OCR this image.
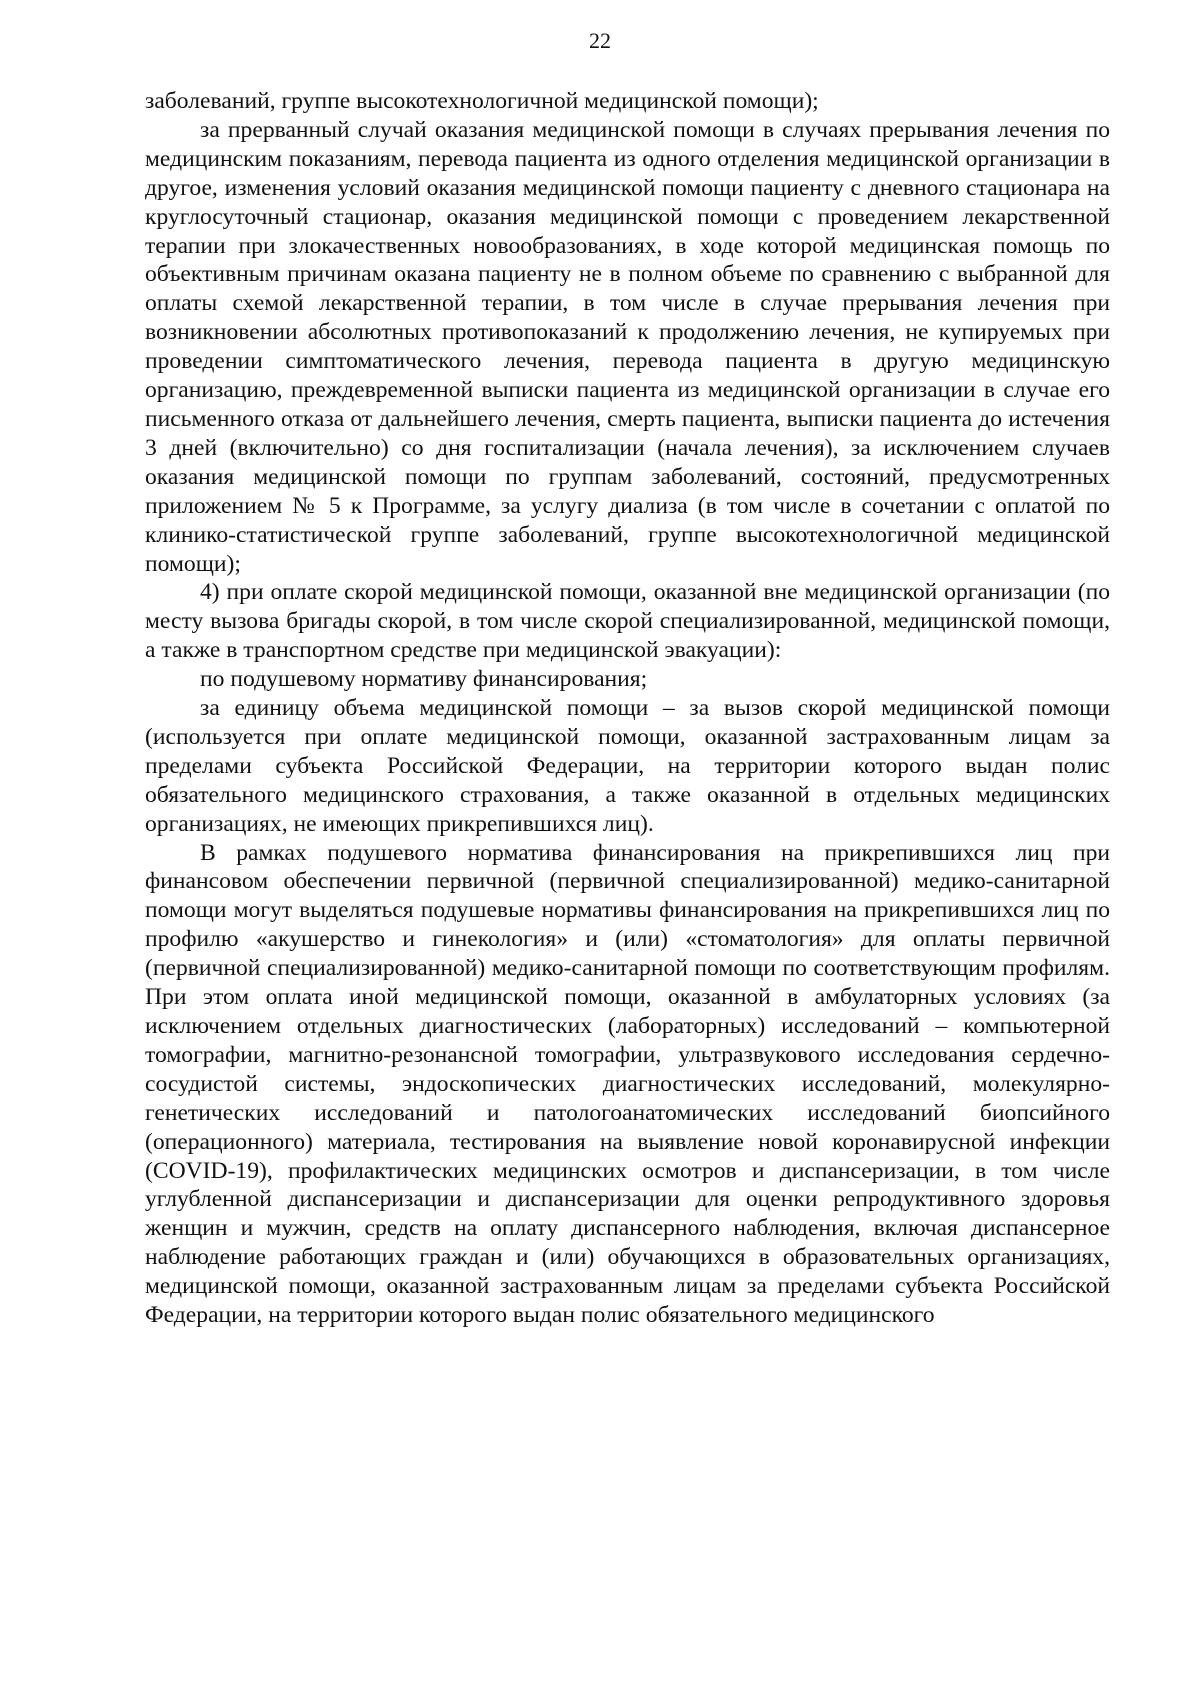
22

заболеваний, группе высокотехнологичной медицинской помощи);

за прерванный случай оказания медицинской помощи в случаях прерывания лечения по медицинским показаниям, перевода пациента из одного отделения медицинской организации в другое, изменения условий оказания медицинской помощи пациенту с дневного стационара на круглосуточный стационар, оказания медицинской помощи с проведением лекарственной терапии при злокачественных новообразованиях, в ходе которой медицинская помощь по объективным причинам оказана пациенту не в полном объеме по сравнению с выбранной для оплаты схемой лекарственной терапии, в том числе в случае прерывания лечения при возникновении абсолютных противопоказаний к продолжению лечения, не купируемых при проведении симптоматического лечения, перевода пациента в другую медицинскую организацию, преждевременной выписки пациента из медицинской организации в случае его письменного отказа от дальнейшего лечения, смерть пациента, выписки пациента до истечения 3 дней (включительно) со дня госпитализации (начала лечения), за исключением случаев оказания медицинской помощи по группам заболеваний, состояний, предусмотренных приложением № 5 к Программе, за услугу диализа (в том числе в сочетании с оплатой по клинико-статистической группе заболеваний, группе высокотехнологичной медицинской помощи);

4) при оплате скорой медицинской помощи, оказанной вне медицинской организации (по месту вызова бригады скорой, в том числе скорой специализированной, медицинской помощи, а также в транспортном средстве при медицинской эвакуации):

по подушевому нормативу финансирования;

за единицу объема медицинской помощи – за вызов скорой медицинской помощи (используется при оплате медицинской помощи, оказанной застрахованным лицам за пределами субъекта Российской Федерации, на территории которого выдан полис обязательного медицинского страхования, а также оказанной в отдельных медицинских организациях, не имеющих прикрепившихся лиц).

В рамках подушевого норматива финансирования на прикрепившихся лиц при финансовом обеспечении первичной (первичной специализированной) медико-санитарной помощи могут выделяться подушевые нормативы финансирования на прикрепившихся лиц по профилю «акушерство и гинекология» и (или) «стоматология» для оплаты первичной (первичной специализированной) медико-санитарной помощи по соответствующим профилям. При этом оплата иной медицинской помощи, оказанной в амбулаторных условиях (за исключением отдельных диагностических (лабораторных) исследований – компьютерной томографии, магнитно-резонансной томографии, ультразвукового исследования сердечно-сосудистой системы, эндоскопических диагностических исследований, молекулярно-генетических исследований и патологоанатомических исследований биопсийного (операционного) материала, тестирования на выявление новой коронавирусной инфекции (COVID-19), профилактических медицинских осмотров и диспансеризации, в том числе углубленной диспансеризации и диспансеризации для оценки репродуктивного здоровья женщин и мужчин, средств на оплату диспансерного наблюдения, включая диспансерное наблюдение работающих граждан и (или) обучающихся в образовательных организациях, медицинской помощи, оказанной застрахованным лицам за пределами субъекта Российской Федерации, на территории которого выдан полис обязательного медицинского
